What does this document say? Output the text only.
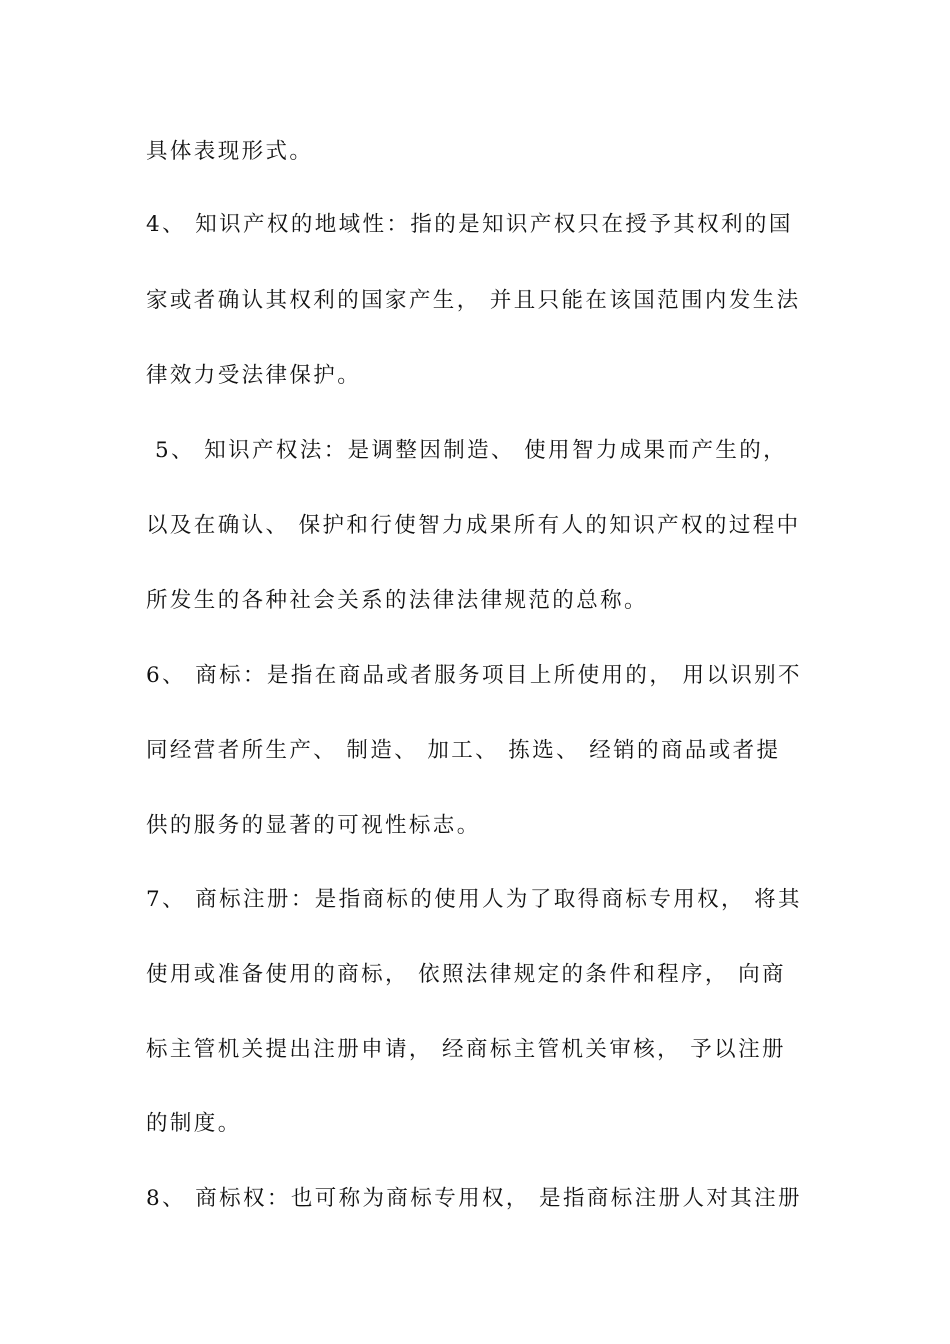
具体表现形式。
4、 知识产权的地域性：指的是知识产权只在授予其权利的国
家或者确认其权利的国家产生， 并且只能在该国范围内发生法
律效力受法律保护。
5、 知识产权法：是调整因制造、 使用智力成果而产生的，
以及在确认、 保护和行使智力成果所有人的知识产权的过程中
所发生的各种社会关系的法律法律规范的总称。
6、 商标：是指在商品或者服务项目上所使用的， 用以识别不
同经营者所生产、 制造、 加工、 拣选、 经销的商品或者提
供的服务的显著的可视性标志。
7、 商标注册：是指商标的使用人为了取得商标专用权， 将其
使用或准备使用的商标， 依照法律规定的条件和程序， 向商
标主管机关提出注册申请， 经商标主管机关审核， 予以注册
的制度。
8、 商标权：也可称为商标专用权， 是指商标注册人对其注册
